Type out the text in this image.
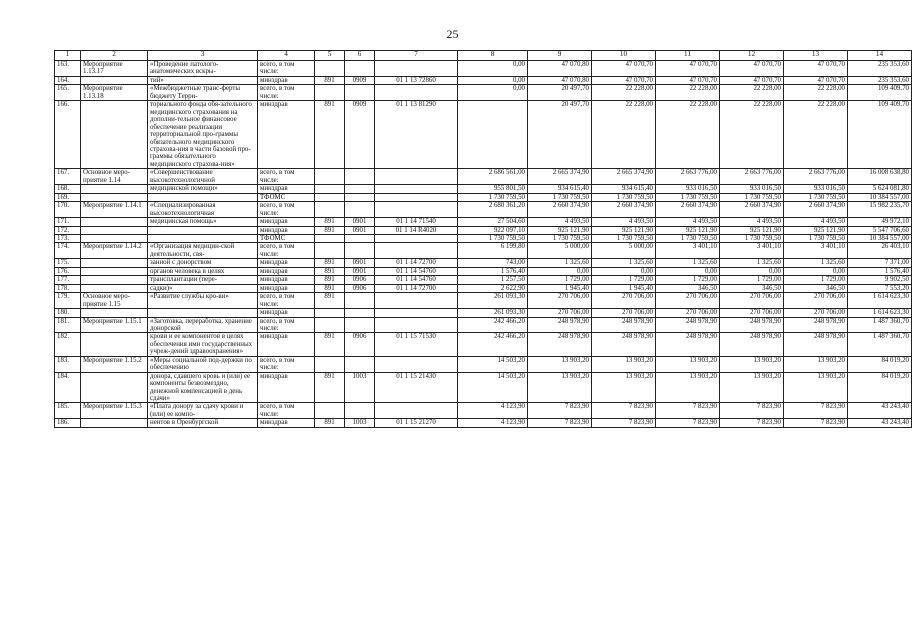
25
1	2	3	4	5	6	7	8	9	10	11	12	13	14
163.	Мероприятие 1.13.17	«Проведение патолого-анатомических вскры-	всего, в том числе:				0,00	47 070,80	47 070,70	47 070,70	47 070,70	47 070,70	235 353,60
164.		тий»	минздрав	891	0909	01 1 13 72860	0,00	47 070,80	47 070,70	47 070,70	47 070,70	47 070,70	235 353,60
165.	Мероприятие 1.13.18	«Межбюджетные транс-ферты бюджету Терри-	всего, в том числе:				0,00	20 497,70	22 228,00	22 228,00	22 228,00	22 228,00	109 409,70
166.		ториального фонда обя-зательного медицинского страхования на дополни-тельное финансовое обеспечение реализации территориальной про-граммы обязательного медицинского страхова-ния в части базовой про-граммы обязательного медицинского страхова-ния»	минздрав	891	0909	01 1 13 81290		20 497,70	22 228,00	22 228,00	22 228,00	22 228,00	109 409,70
167.	Основное меро-приятие 1.14	«Совершенствование высокотехнологичной	всего, в том числе:				2 686 561,00	2 665 374,90	2 665 374,90	2 663 776,00	2 663 776,00	2 663 776,00	16 008 638,80
168.		медицинской помощи»	минздрав				955 801,50	934 615,40	934 615,40	933 016,50	933 016,50	933 016,50	5 624 081,80
169.			ТФОМС				1 730 759,50	1 730 759,50	1 730 759,50	1 730 759,50	1 730 759,50	1 730 759,50	10 384 557,00
170.	Мероприятие 1.14.1	«Специализированная высокотехнологичная	всего, в том числе:				2 680 361,20	2 660 374,90	2 660 374,90	2 660 374,90	2 660 374,90	2 660 374,90	15 982 235,70
171.		медицинская помощь»	минздрав	891	0901	01 1 14 71540	27 504,60	4 493,50	4 493,50	4 493,50	4 493,50	4 493,50	49 972,10
172.			минздрав	891	0901	01 1 14 R4020	922 097,10	925 121,90	925 121,90	925 121,90	925 121,90	925 121,90	5 547 706,60
173.			ТФОМС				1 730 759,50	1 730 759,50	1 730 759,50	1 730 759,50	1 730 759,50	1 730 759,50	10 384 557,00
174.	Мероприятие 1.14.2	«Организация медицин-ской деятельности, свя-	всего, в том числе:				6 199,80	5 000,00	5 000,00	3 401,10	3 401,10	3 401,10	26 403,10
175.		занной с донорством	минздрав	891	0901	01 1 14 72700	743,00	1 325,60	1 325,60	1 325,60	1 325,60	1 325,60	7 371,00
176.		органов человека в целях	минздрав	891	0901	01 1 14 54760	1 576,40	0,00	0,00	0,00	0,00	0,00	1 576,40
177.		трансплантации (пере-	минздрав	891	0906	01 1 14 54760	1 257,50	1 729,00	1 729,00	1 729,00	1 729,00	1 729,00	9 902,50
178.		садки)»	минздрав	891	0906	01 1 14 72700	2 622,90	1 945,40	1 945,40	346,50	346,50	346,50	7 553,20
179.	Основное меро-приятие 1.15	«Развитие службы кро-ви»	всего, в том числе:	891			261 093,30	270 706,00	270 706,00	270 706,00	270 706,00	270 706,00	1 614 623,30
180.			минздрав				261 093,30	270 706,00	270 706,00	270 706,00	270 706,00	270 706,00	1 614 623,30
181.	Мероприятие 1.15.1	«Заготовка, переработка, хранение донорской	всего, в том числе:				242 466,20	248 978,90	248 978,90	248 978,90	248 978,90	248 978,90	1 487 360,70
182.		крови и ее компонентов в целях обеспечения ими государственных учреж-дений здравоохранения»	минздрав	891	0906	01 1 15 71530	242 466,20	248 978,90	248 978,90	248 978,90	248 978,90	248 978,90	1 487 360,70
183.	Мероприятие 1.15.2	«Меры социальной под-держки по обеспечению	всего, в том числе:				14 503,20	13 903,20	13 903,20	13 903,20	13 903,20	13 903,20	84 019,20
184.		донора, сдавшего кровь и (или) ее компоненты безвозмездно, денежной компенсацией в день сдачи»	минздрав	891	1003	01 1 15 21430	14 503,20	13 903,20	13 903,20	13 903,20	13 903,20	13 903,20	84 019,20
185.	Мероприятие 1.15.3	«Плата донору за сдачу крови и (или) ее компо-	всего, в том числе:				4 123,90	7 823,90	7 823,90	7 823,90	7 823,90	7 823,90	43 243,40
186.		нентов в Оренбургской	минздрав	891	1003	01 1 15 21270	4 123,90	7 823,90	7 823,90	7 823,90	7 823,90	7 823,90	43 243,40
